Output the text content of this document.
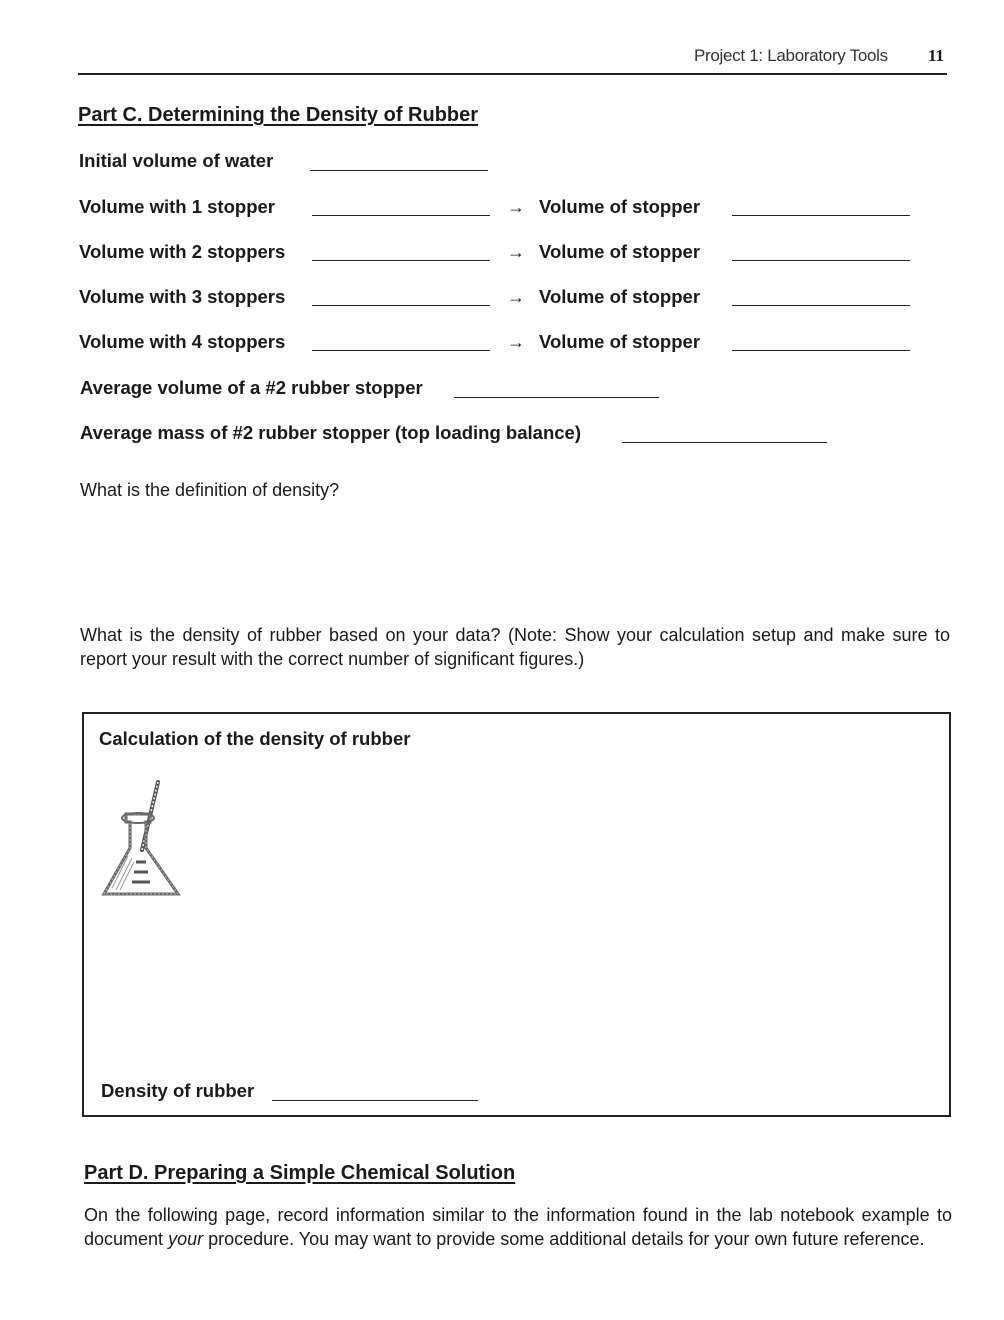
Project 1: Laboratory Tools 11
Part C. Determining the Density of Rubber
Initial volume of water
Volume with 1 stopper	→ Volume of stopper
Volume with 2 stoppers	→ Volume of stopper
Volume with 3 stoppers	→ Volume of stopper
Volume with 4 stoppers	→ Volume of stopper
Average volume of a #2 rubber stopper
Average mass of #2 rubber stopper (top loading balance)
What is the definition of density?
What is the density of rubber based on your data? (Note: Show your calculation setup and make sure to report your result with the correct number of significant figures.)
Calculation of the density of rubber
Density of rubber
Part D. Preparing a Simple Chemical Solution
On the following page, record information similar to the information found in the lab notebook example to document your procedure. You may want to provide some additional details for your own future reference.
